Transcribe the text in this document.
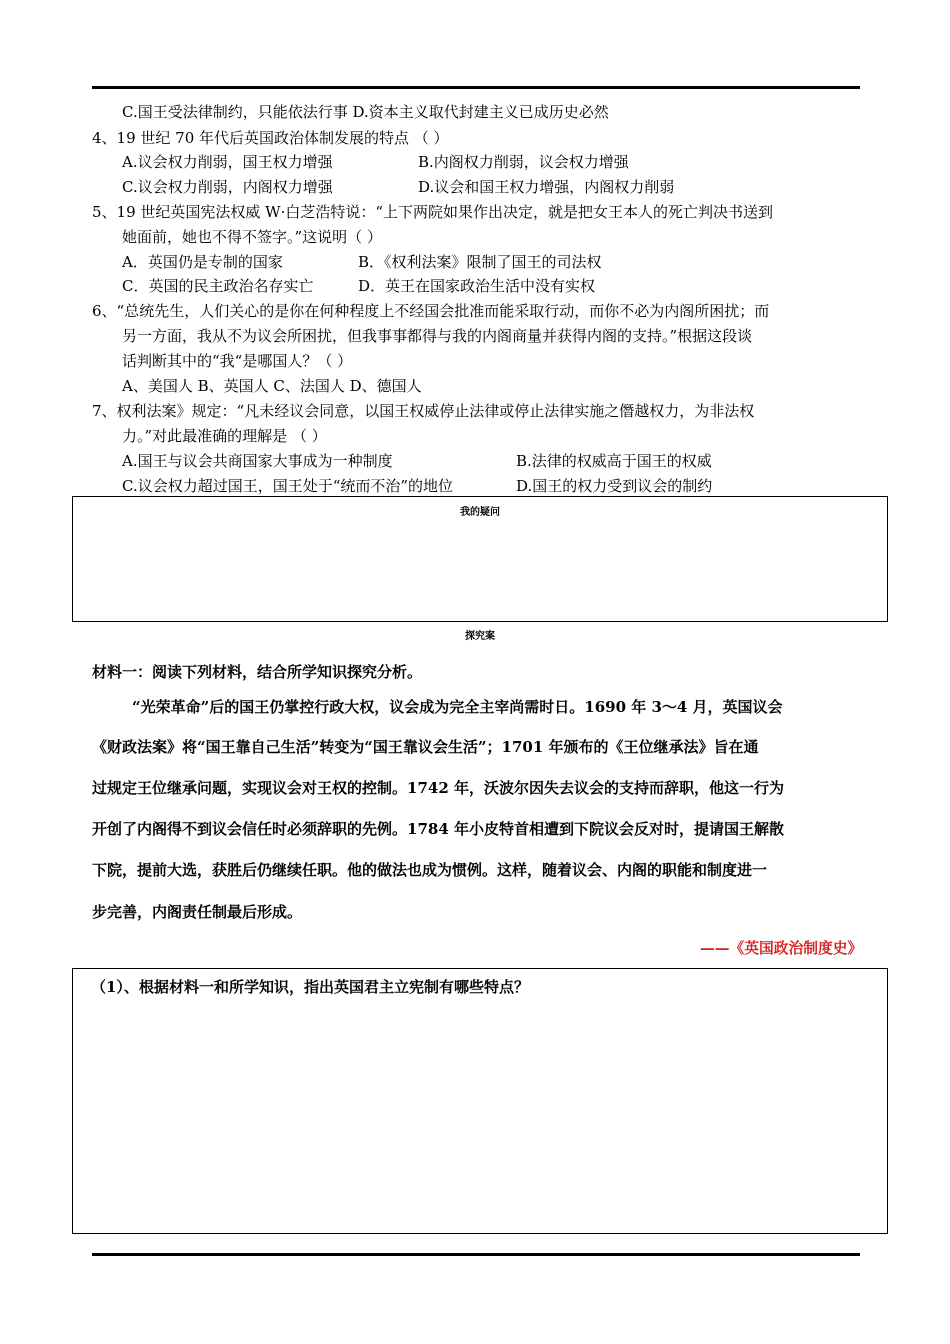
C.国王受法律制约，只能依法行事 D.资本主义取代封建主义已成历史必然
4、19 世纪 70 年代后英国政治体制发展的特点 （ ）
A.议会权力削弱，国王权力增强	B.内阁权力削弱，议会权力增强
C.议会权力削弱，内阁权力增强	D.议会和国王权力增强，内阁权力削弱
5、19 世纪英国宪法权威 W·白芝浩特说：“上下两院如果作出决定，就是把女王本人的死亡判决书送到
她面前，她也不得不签字。”这说明（ ）
A．英国仍是专制的国家	B．《权利法案》限制了国王的司法权
C．英国的民主政治名存实亡	D．英王在国家政治生活中没有实权
6、“总统先生，人们关心的是你在何种程度上不经国会批准而能采取行动，而你不必为内阁所困扰；而
另一方面，我从不为议会所困扰，但我事事都得与我的内阁商量并获得内阁的支持。”根据这段谈
话判断其中的“我“是哪国人？（ ）
A、美国人 B、英国人 C、法国人 D、德国人
7、权利法案》规定：“凡未经议会同意，以国王权威停止法律或停止法律实施之僭越权力，为非法权
力。”对此最准确的理解是 （ ）
A.国王与议会共商国家大事成为一种制度	B.法律的权威高于国王的权威
C.议会权力超过国王，国王处于“统而不治”的地位	D.国王的权力受到议会的制约
我的疑问
探究案
材料一：阅读下列材料，结合所学知识探究分析。
“光荣革命”后的国王仍掌控行政大权，议会成为完全主宰尚需时日。1690 年 3～4 月，英国议会
《财政法案》将“国王靠自己生活”转变为“国王靠议会生活”；1701 年颁布的《王位继承法》旨在通
过规定王位继承问题，实现议会对王权的控制。1742 年，沃波尔因失去议会的支持而辞职，他这一行为
开创了内阁得不到议会信任时必须辞职的先例。1784 年小皮特首相遭到下院议会反对时，提请国王解散
下院，提前大选，获胜后仍继续任职。他的做法也成为惯例。这样，随着议会、内阁的职能和制度进一
步完善，内阁责任制最后形成。
——《英国政治制度史》
（1）、根据材料一和所学知识，指出英国君主立宪制有哪些特点？
